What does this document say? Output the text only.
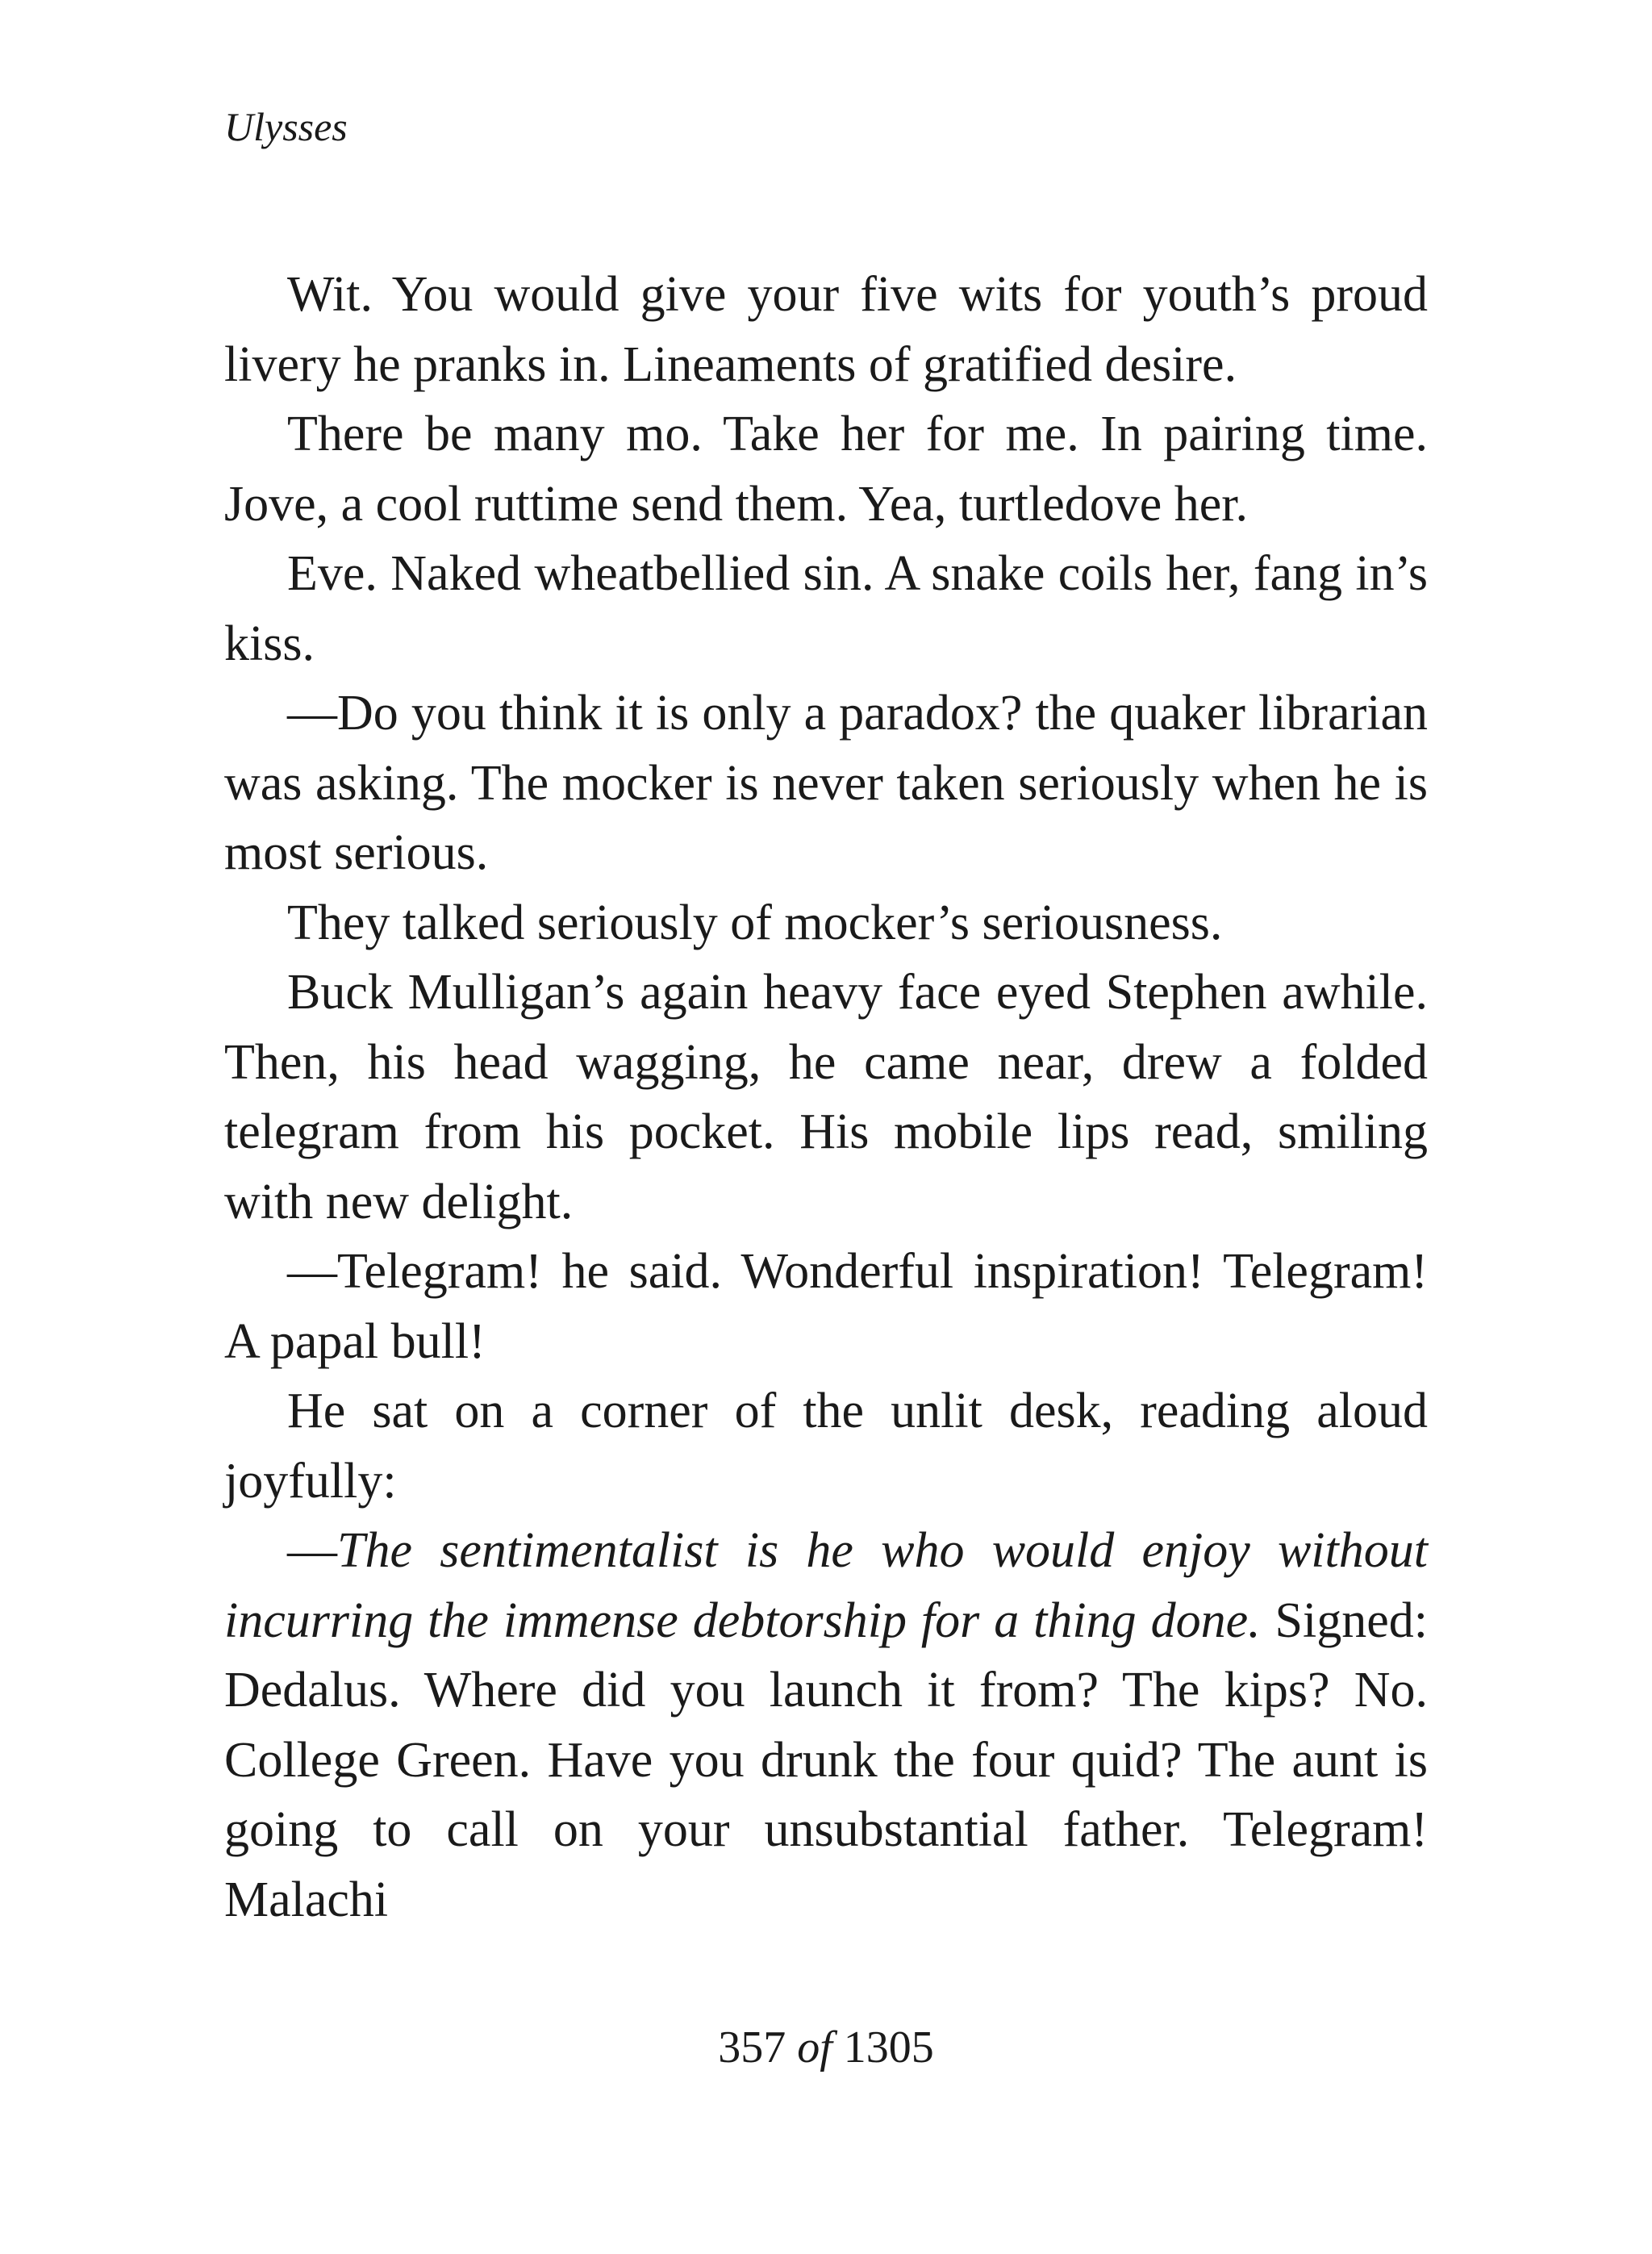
Ulysses

Wit. You would give your five wits for youth’s proud livery he pranks in. Lineaments of gratified desire.

There be many mo. Take her for me. In pairing time. Jove, a cool ruttime send them. Yea, turtledove her.

Eve. Naked wheatbellied sin. A snake coils her, fang in’s kiss.

—Do you think it is only a paradox? the quaker librarian was asking. The mocker is never taken seriously when he is most serious.

They talked seriously of mocker’s seriousness.

Buck Mulligan’s again heavy face eyed Stephen awhile. Then, his head wagging, he came near, drew a folded telegram from his pocket. His mobile lips read, smiling with new delight.

—Telegram! he said. Wonderful inspiration! Telegram! A papal bull!

He sat on a corner of the unlit desk, reading aloud joyfully:

—The sentimentalist is he who would enjoy without incurring the immense debtorship for a thing done. Signed: Dedalus. Where did you launch it from? The kips? No. College Green. Have you drunk the four quid? The aunt is going to call on your unsubstantial father. Telegram! Malachi

357 of 1305
